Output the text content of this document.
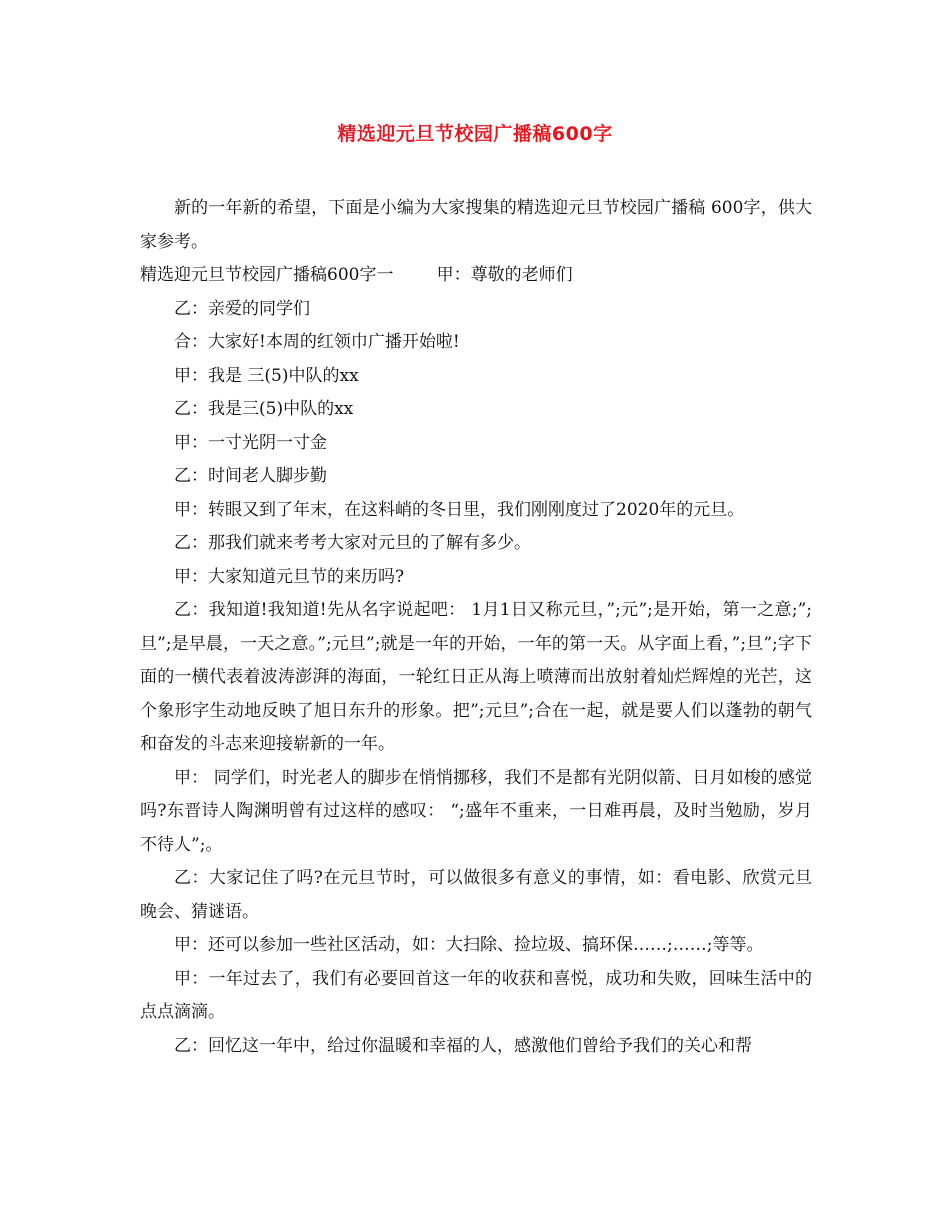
精选迎元旦节校园广播稿600字

新的一年新的希望，下面是小编为大家搜集的精选迎元旦节校园广播稿 600字，供大家参考。

精选迎元旦节校园广播稿600字一        甲：尊敬的老师们

乙：亲爱的同学们

合：大家好!本周的红领巾广播开始啦!

甲：我是 三(5)中队的xx

乙：我是三(5)中队的xx

甲：一寸光阴一寸金

乙：时间老人脚步勤

甲：转眼又到了年末，在这料峭的冬日里，我们刚刚度过了2020年的元旦。

乙：那我们就来考考大家对元旦的了解有多少。

甲：大家知道元旦节的来历吗?

乙：我知道!我知道!先从名字说起吧： 1月1日又称元旦，”;元”;是开始，第一之意;”;旦”;是早晨，一天之意。”;元旦”;就是一年的开始，一年的第一天。从字面上看，”;旦”;字下面的一横代表着波涛澎湃的海面，一轮红日正从海上喷薄而出放射着灿烂辉煌的光芒，这个象形字生动地反映了旭日东升的形象。把”;元旦”;合在一起，就是要人们以蓬勃的朝气和奋发的斗志来迎接崭新的一年。

甲： 同学们，时光老人的脚步在悄悄挪移，我们不是都有光阴似箭、日月如梭的感觉吗?东晋诗人陶渊明曾有过这样的感叹： “;盛年不重来，一日难再晨，及时当勉励，岁月不待人”;。

乙：大家记住了吗?在元旦节时，可以做很多有意义的事情，如：看电影、欣赏元旦晚会、猜谜语。

甲：还可以参加一些社区活动，如：大扫除、捡垃圾、搞环保……;……;等等。

甲：一年过去了，我们有必要回首这一年的收获和喜悦，成功和失败，回味生活中的点点滴滴。

乙：回忆这一年中，给过你温暖和幸福的人，感激他们曾给予我们的关心和帮
